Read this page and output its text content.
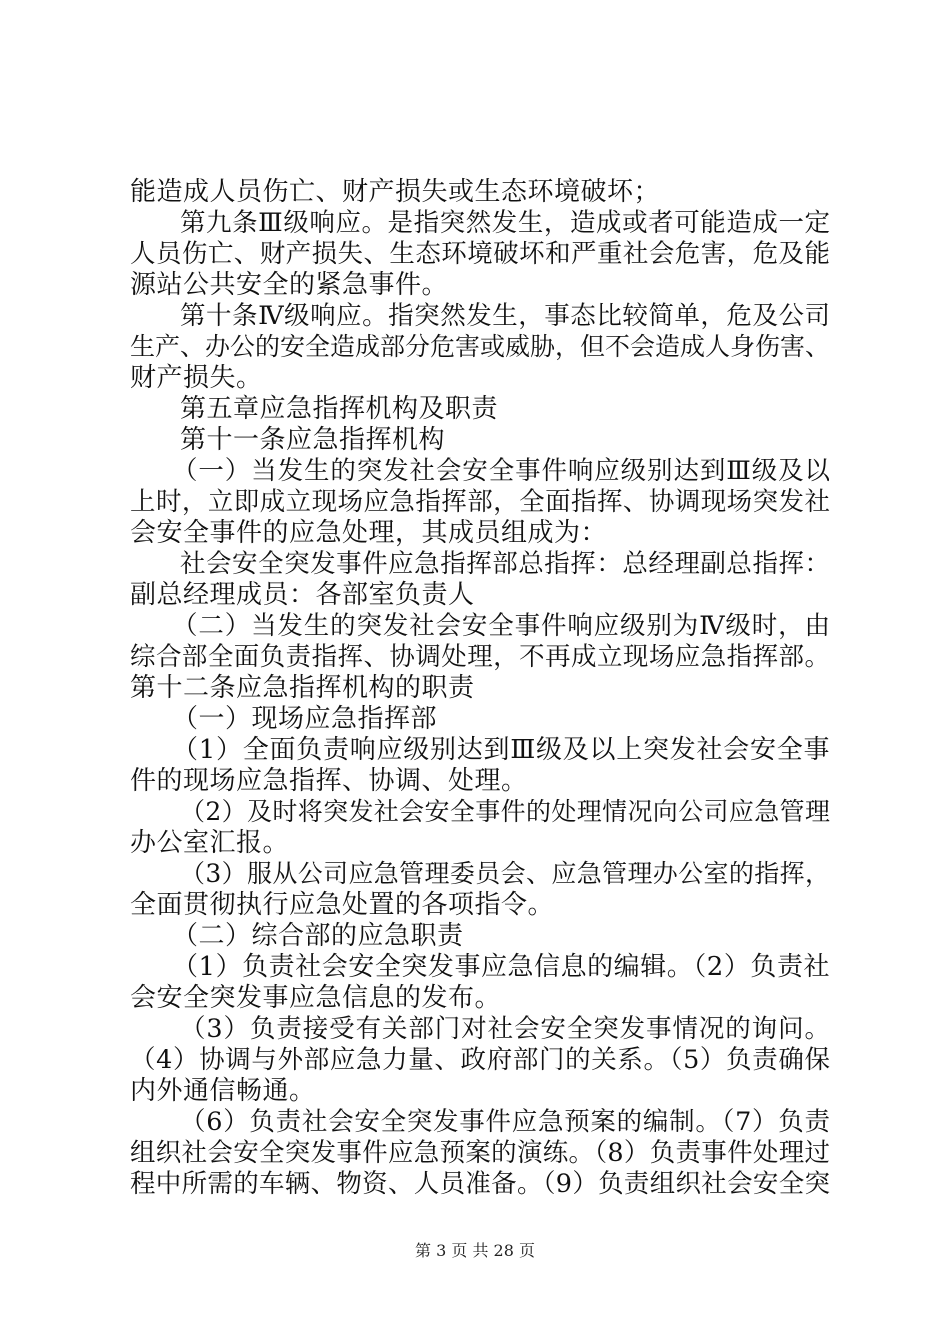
能造成人员伤亡、财产损失或生态环境破坏；
第九条Ⅲ级响应。是指突然发生，造成或者可能造成一定
人员伤亡、财产损失、生态环境破坏和严重社会危害，危及能
源站公共安全的紧急事件。
第十条Ⅳ级响应。指突然发生，事态比较简单，危及公司
生产、办公的安全造成部分危害或威胁，但不会造成人身伤害、
财产损失。
第五章应急指挥机构及职责
第十一条应急指挥机构
（一）当发生的突发社会安全事件响应级别达到Ⅲ级及以
上时，立即成立现场应急指挥部，全面指挥、协调现场突发社
会安全事件的应急处理，其成员组成为：
社会安全突发事件应急指挥部总指挥：总经理副总指挥：
副总经理成员：各部室负责人
（二）当发生的突发社会安全事件响应级别为Ⅳ级时，由
综合部全面负责指挥、协调处理，不再成立现场应急指挥部。
第十二条应急指挥机构的职责
（一）现场应急指挥部
（1）全面负责响应级别达到Ⅲ级及以上突发社会安全事
件的现场应急指挥、协调、处理。
（2）及时将突发社会安全事件的处理情况向公司应急管理
办公室汇报。
（3）服从公司应急管理委员会、应急管理办公室的指挥，
全面贯彻执行应急处置的各项指令。
（二）综合部的应急职责
（1）负责社会安全突发事应急信息的编辑。（2）负责社
会安全突发事应急信息的发布。
（3）负责接受有关部门对社会安全突发事情况的询问。
（4）协调与外部应急力量、政府部门的关系。（5）负责确保
内外通信畅通。
（6）负责社会安全突发事件应急预案的编制。（7）负责
组织社会安全突发事件应急预案的演练。（8）负责事件处理过
程中所需的车辆、物资、人员准备。（9）负责组织社会安全突
第 3 页 共 28 页
